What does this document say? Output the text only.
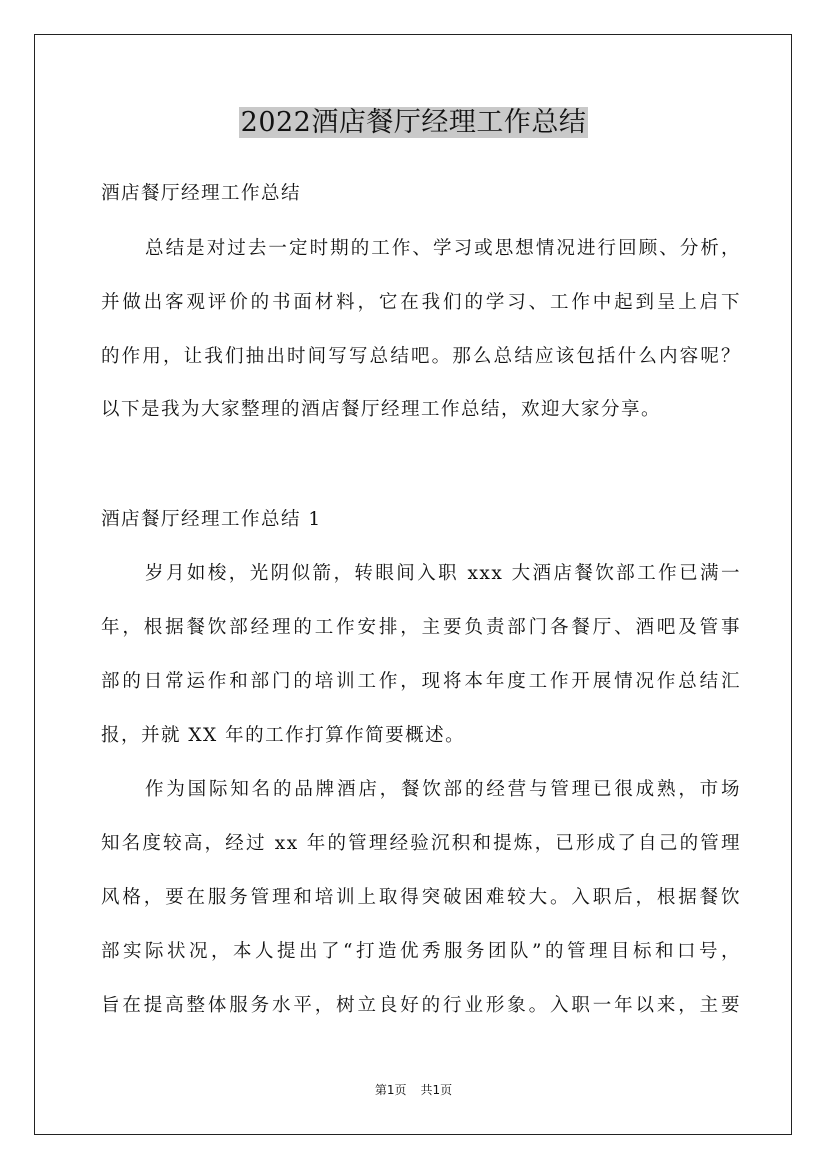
2022酒店餐厅经理工作总结
酒店餐厅经理工作总结
总结是对过去一定时期的工作、学习或思想情况进行回顾、分析，
并做出客观评价的书面材料，它在我们的学习、工作中起到呈上启下
的作用，让我们抽出时间写写总结吧。那么总结应该包括什么内容呢？
以下是我为大家整理的酒店餐厅经理工作总结，欢迎大家分享。
酒店餐厅经理工作总结 1
岁月如梭，光阴似箭，转眼间入职 xxx 大酒店餐饮部工作已满一
年，根据餐饮部经理的工作安排，主要负责部门各餐厅、酒吧及管事
部的日常运作和部门的培训工作，现将本年度工作开展情况作总结汇
报，并就 XX 年的工作打算作简要概述。
作为国际知名的品牌酒店，餐饮部的经营与管理已很成熟，市场
知名度较高，经过 xx 年的管理经验沉积和提炼，已形成了自己的管理
风格，要在服务管理和培训上取得突破困难较大。入职后，根据餐饮
部实际状况，本人提出了“打造优秀服务团队”的管理目标和口号，
旨在提高整体服务水平，树立良好的行业形象。入职一年以来，主要
第1页 共1页
